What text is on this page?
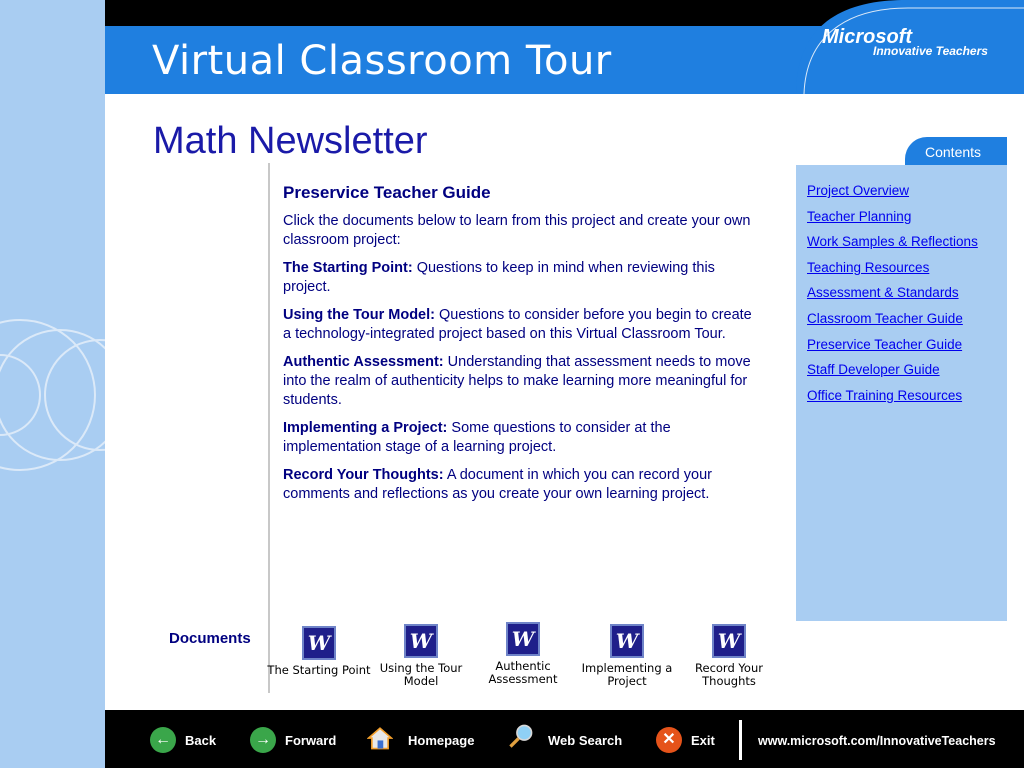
Virtual Classroom Tour
Microsoft
Innovative Teachers
Math Newsletter
Preservice Teacher Guide

Click the documents below to learn from this project and create your own classroom project:

The Starting Point: Questions to keep in mind when reviewing this project.

Using the Tour Model: Questions to consider before you begin to create a technology-integrated project based on this Virtual Classroom Tour.

Authentic Assessment: Understanding that assessment needs to move into the realm of authenticity helps to make learning more meaningful for students.

Implementing a Project: Some questions to consider at the implementation stage of a learning project.

Record Your Thoughts: A document in which you can record your comments and reflections as you create your own learning project.

Contents
Project Overview
Teacher Planning
Work Samples & Reflections
Teaching Resources
Assessment & Standards
Classroom Teacher Guide
Preservice Teacher Guide
Staff Developer Guide
Office Training Resources
Documents	W
The Starting Point

W
Using the Tour
Model
W
Authentic
Assessment
W
Implementing a
Project
W
Record Your
Thoughts
←	Back	→	Forward	Homepage	Web Search	✕	Exit	www.microsoft.com/InnovativeTeachers
